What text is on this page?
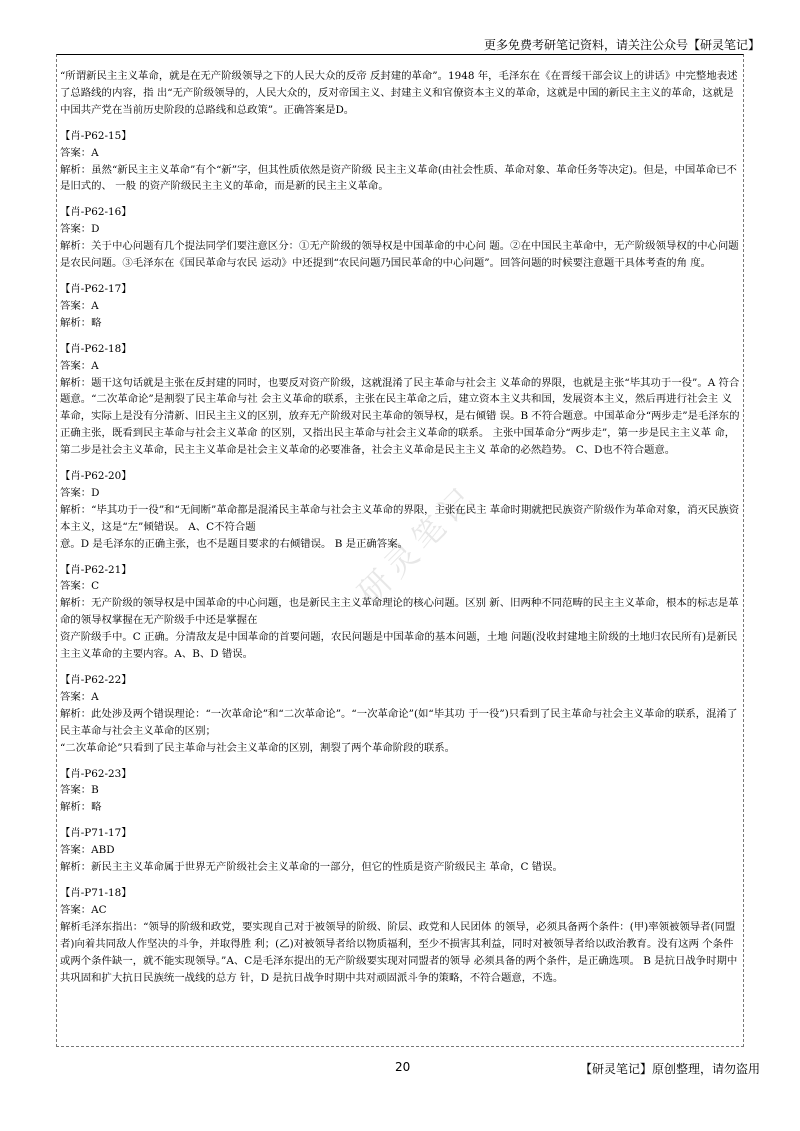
更多免费考研笔记资料，请关注公众号【研灵笔记】
研灵笔记

“所谓新民主主义革命，就是在无产阶级领导之下的人民大众的反帝 反封建的革命”。1948 年，毛泽东在《在晋绥干部会议上的讲话》中完整地表述了总路线的内容，指 出“无产阶级领导的，人民大众的，反对帝国主义、封建主义和官僚资本主义的革命，这就是中国的新民主主义的革命，这就是中国共产党在当前历史阶段的总路线和总政策”。正确答案是D。

【肖-P62-15】

答案：A

解析：虽然“新民主主义革命”有个“新”字，但其性质依然是资产阶级 民主主义革命(由社会性质、革命对象、革命任务等决定)。但是，中国革命已不是旧式的、 一般 的资产阶级民主主义的革命，而是新的民主主义革命。

【肖-P62-16】

答案：D

解析：关于中心问题有几个提法同学们要注意区分：①无产阶级的领导权是中国革命的中心问 题。②在中国民主革命中，无产阶级领导权的中心问题是农民问题。③毛泽东在《国民革命与农民 运动》中还提到“农民问题乃国民革命的中心问题”。回答问题的时候要注意题干具体考查的角 度。

【肖-P62-17】

答案：A

解析：略

【肖-P62-18】

答案：A

解析：题干这句话就是主张在反封建的同时，也要反对资产阶级，这就混淆了民主革命与社会主 义革命的界限，也就是主张“毕其功于一役”。A 符合题意。“二次革命论”是割裂了民主革命与社 会主义革命的联系，主张在民主革命之后，建立资本主义共和国，发展资本主义，然后再进行社会主 义革命，实际上是没有分清新、旧民主主义的区别，放弃无产阶级对民主革命的领导权，是右倾错 误。B 不符合题意。中国革命分“两步走”是毛泽东的正确主张，既看到民主革命与社会主义革命 的区别，又指出民主革命与社会主义革命的联系。 主张中国革命分“两步走”，第一步是民主主义革 命，第二步是社会主义革命，民主主义革命是社会主义革命的必要准备，社会主义革命是民主主义 革命的必然趋势。 C、D也不符合题意。

【肖-P62-20】

答案：D

解析：“毕其功于一役”和“无间断”革命都是混淆民主革命与社会主义革命的界限，主张在民主 革命时期就把民族资产阶级作为革命对象，消灭民族资本主义，这是“左”倾错误。 A、C不符合题

意。D 是毛泽东的正确主张，也不是题目要求的右倾错误。 B 是正确答案。

【肖-P62-21】

答案：C

解析：无产阶级的领导权是中国革命的中心问题，也是新民主主义革命理论的核心问题。区别 新、旧两种不同范畴的民主主义革命，根本的标志是革命的领导权掌握在无产阶级手中还是掌握在

资产阶级手中。C 正确。分清敌友是中国革命的首要问题，农民问题是中国革命的基本问题，土地 问题(没收封建地主阶级的土地归农民所有)是新民主主义革命的主要内容。A、B、D 错误。

【肖-P62-22】

答案：A

解析：此处涉及两个错误理论：“一次革命论”和“二次革命论”。“一次革命论”(如“毕其功 于一役”)只看到了民主革命与社会主义革命的联系，混淆了民主革命与社会主义革命的区别；

“二次革命论”只看到了民主革命与社会主义革命的区别，割裂了两个革命阶段的联系。

【肖-P62-23】

答案：B

解析：略

【肖-P71-17】

答案：ABD

解析：新民主主义革命属于世界无产阶级社会主义革命的一部分，但它的性质是资产阶级民主 革命，C 错误。

【肖-P71-18】

答案：AC

解析毛泽东指出：“领导的阶级和政党，要实现自己对于被领导的阶级、阶层、政党和人民团体 的领导，必须具备两个条件：(甲)率领被领导者(同盟者)向着共同敌人作坚决的斗争，并取得胜 利；(乙)对被领导者给以物质福利，至少不损害其利益，同时对被领导者给以政治教育。没有这两 个条件或两个条件缺一，就不能实现领导。”A、C是毛泽东提出的无产阶级要实现对同盟者的领导 必须具备的两个条件，是正确选项。 B 是抗日战争时期中共巩固和扩大抗日民族统一战线的总方 针，D 是抗日战争时期中共对顽固派斗争的策略，不符合题意，不选。

20	【研灵笔记】原创整理，请勿盗用
